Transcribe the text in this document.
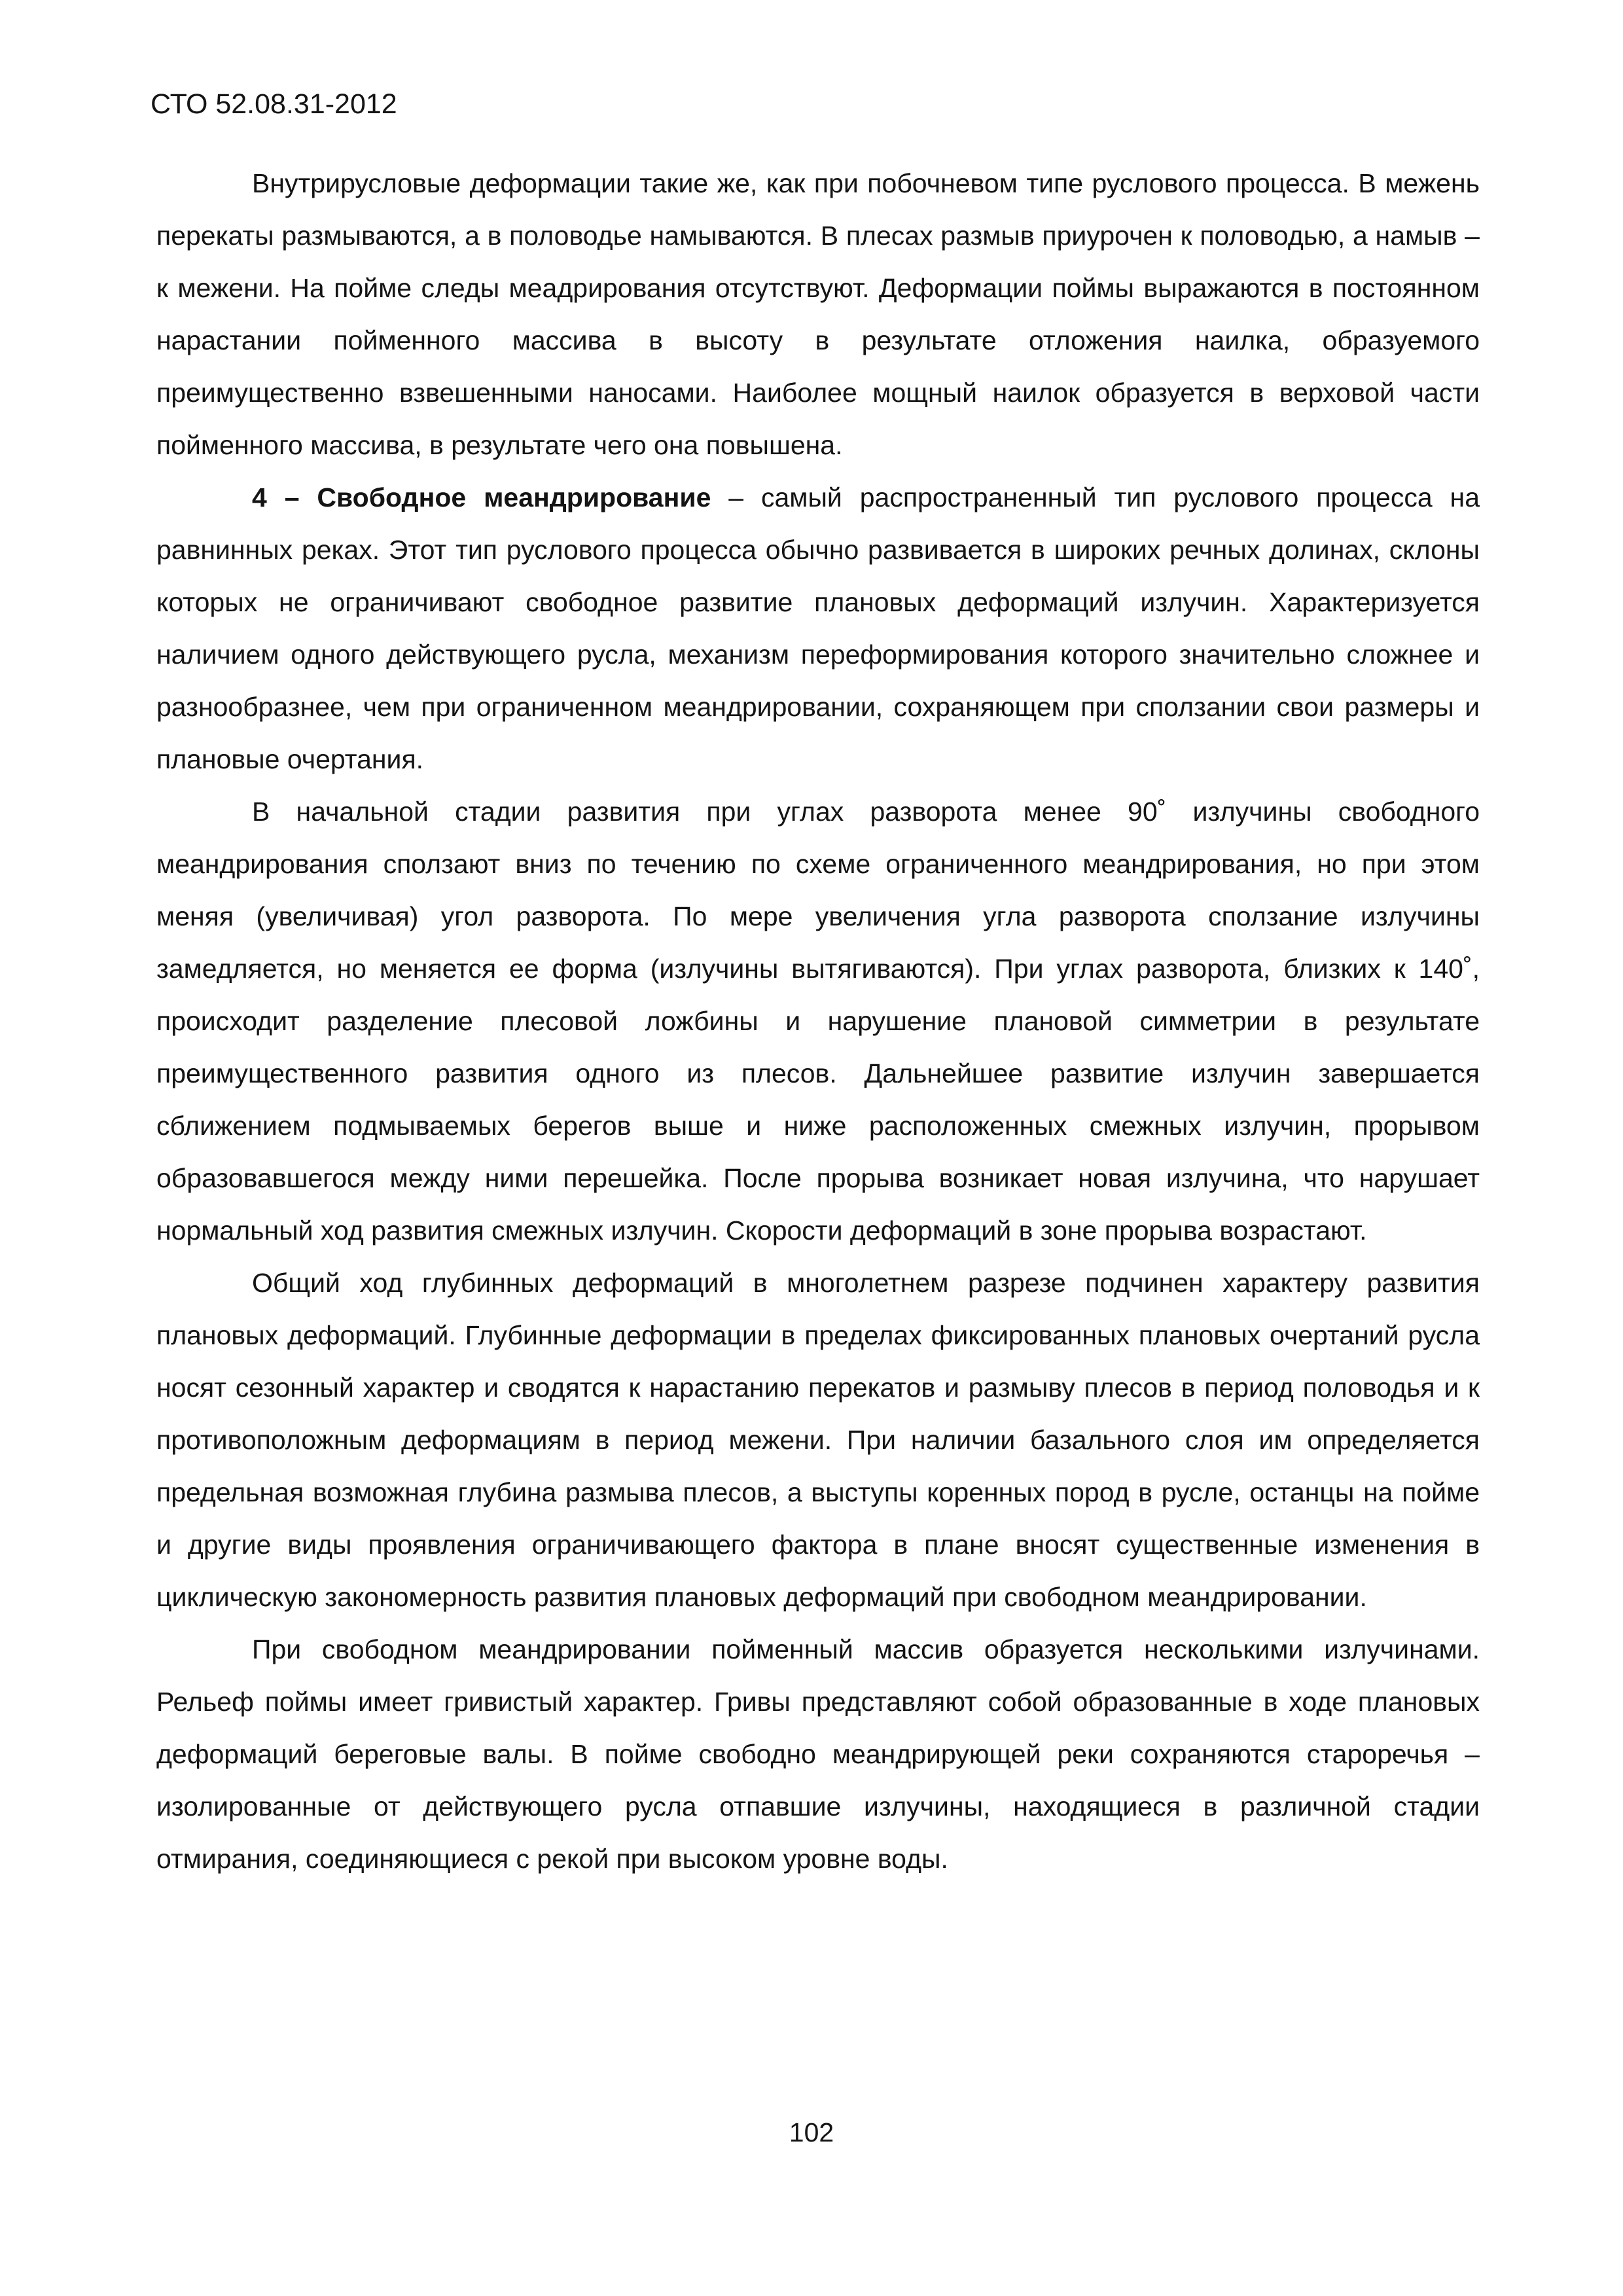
СТО 52.08.31-2012

Внутрирусловые деформации такие же, как при побочневом типе руслового процесса. В межень перекаты размываются, а в половодье намываются. В плесах размыв приурочен к половодью, а намыв – к межени. На пойме следы меадрирования отсутствуют. Деформации поймы выражаются в постоянном нарастании пойменного массива в высоту в результате отложения наилка, образуемого преимущественно взвешенными наносами. Наиболее мощный наилок образуется в верховой части пойменного массива, в результате чего она повышена.

4 – Свободное меандрирование – самый распространенный тип руслового процесса на равнинных реках. Этот тип руслового процесса обычно развивается в широких речных долинах, склоны которых не ограничивают свободное развитие плановых деформаций излучин. Характеризуется наличием одного действующего русла, механизм переформирования которого значительно сложнее и разнообразнее, чем при ограниченном меандрировании, сохраняющем при сползании свои размеры и плановые очертания.

В начальной стадии развития при углах разворота менее 90˚ излучины свободного меандрирования сползают вниз по течению по схеме ограниченного меандрирования, но при этом меняя (увеличивая) угол разворота. По мере увеличения угла разворота сползание излучины замедляется, но меняется ее форма (излучины вытягиваются). При углах разворота, близких к 140˚, происходит разделение плесовой ложбины и нарушение плановой симметрии в результате преимущественного развития одного из плесов. Дальнейшее развитие излучин завершается сближением подмываемых берегов выше и ниже расположенных смежных излучин, прорывом образовавшегося между ними перешейка. После прорыва возникает новая излучина, что нарушает нормальный ход развития смежных излучин. Скорости деформаций в зоне прорыва возрастают.

Общий ход глубинных деформаций в многолетнем разрезе подчинен характеру развития плановых деформаций. Глубинные деформации в пределах фиксированных плановых очертаний русла носят сезонный характер и сводятся к нарастанию перекатов и размыву плесов в период половодья и к противоположным деформациям в период межени. При наличии базального слоя им определяется предельная возможная глубина размыва плесов, а выступы коренных пород в русле, останцы на пойме и другие виды проявления ограничивающего фактора в плане вносят существенные изменения в циклическую закономерность развития плановых деформаций при свободном меандрировании.

При свободном меандрировании пойменный массив образуется несколькими излучинами. Рельеф поймы имеет гривистый характер. Гривы представляют собой образованные в ходе плановых деформаций береговые валы. В пойме свободно меандрирующей реки сохраняются старoречья – изолированные от действующего русла отпавшие излучины, находящиеся в различной стадии отмирания, соединяющиеся с рекой при высоком уровне воды.

102
